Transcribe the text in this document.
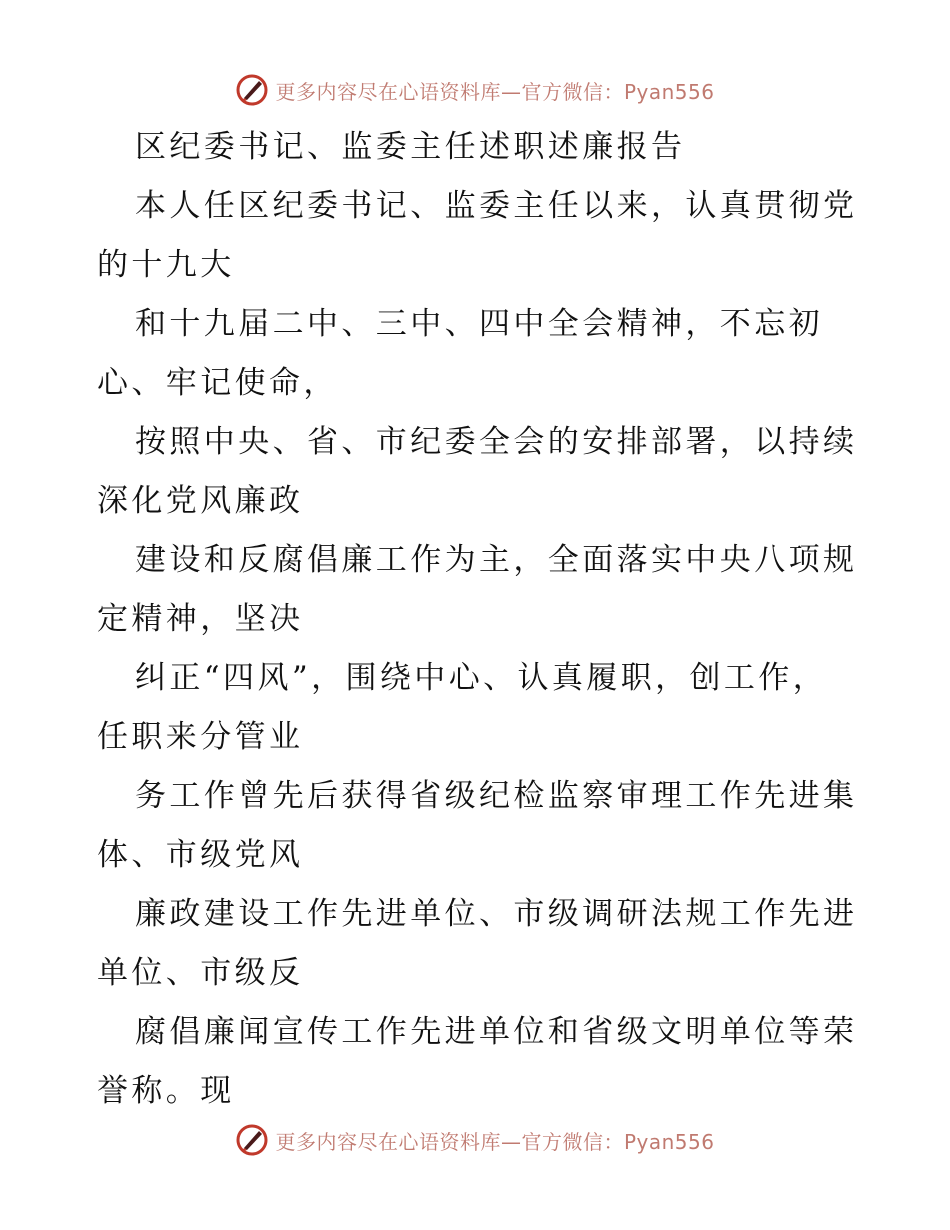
更多内容尽在心语资料库—官方微信：Pyan556

区纪委书记、监委主任述职述廉报告

本人任区纪委书记、监委主任以来，认真贯彻党

的十九大

和十九届二中、三中、四中全会精神，不忘初

心、牢记使命，

按照中央、省、市纪委全会的安排部署，以持续

深化党风廉政

建设和反腐倡廉工作为主，全面落实中央八项规

定精神，坚决

纠正“四风”，围绕中心、认真履职，创工作，

任职来分管业

务工作曾先后获得省级纪检监察审理工作先进集

体、市级党风

廉政建设工作先进单位、市级调研法规工作先进

单位、市级反

腐倡廉闻宣传工作先进单位和省级文明单位等荣

誉称。现

更多内容尽在心语资料库—官方微信：Pyan556
